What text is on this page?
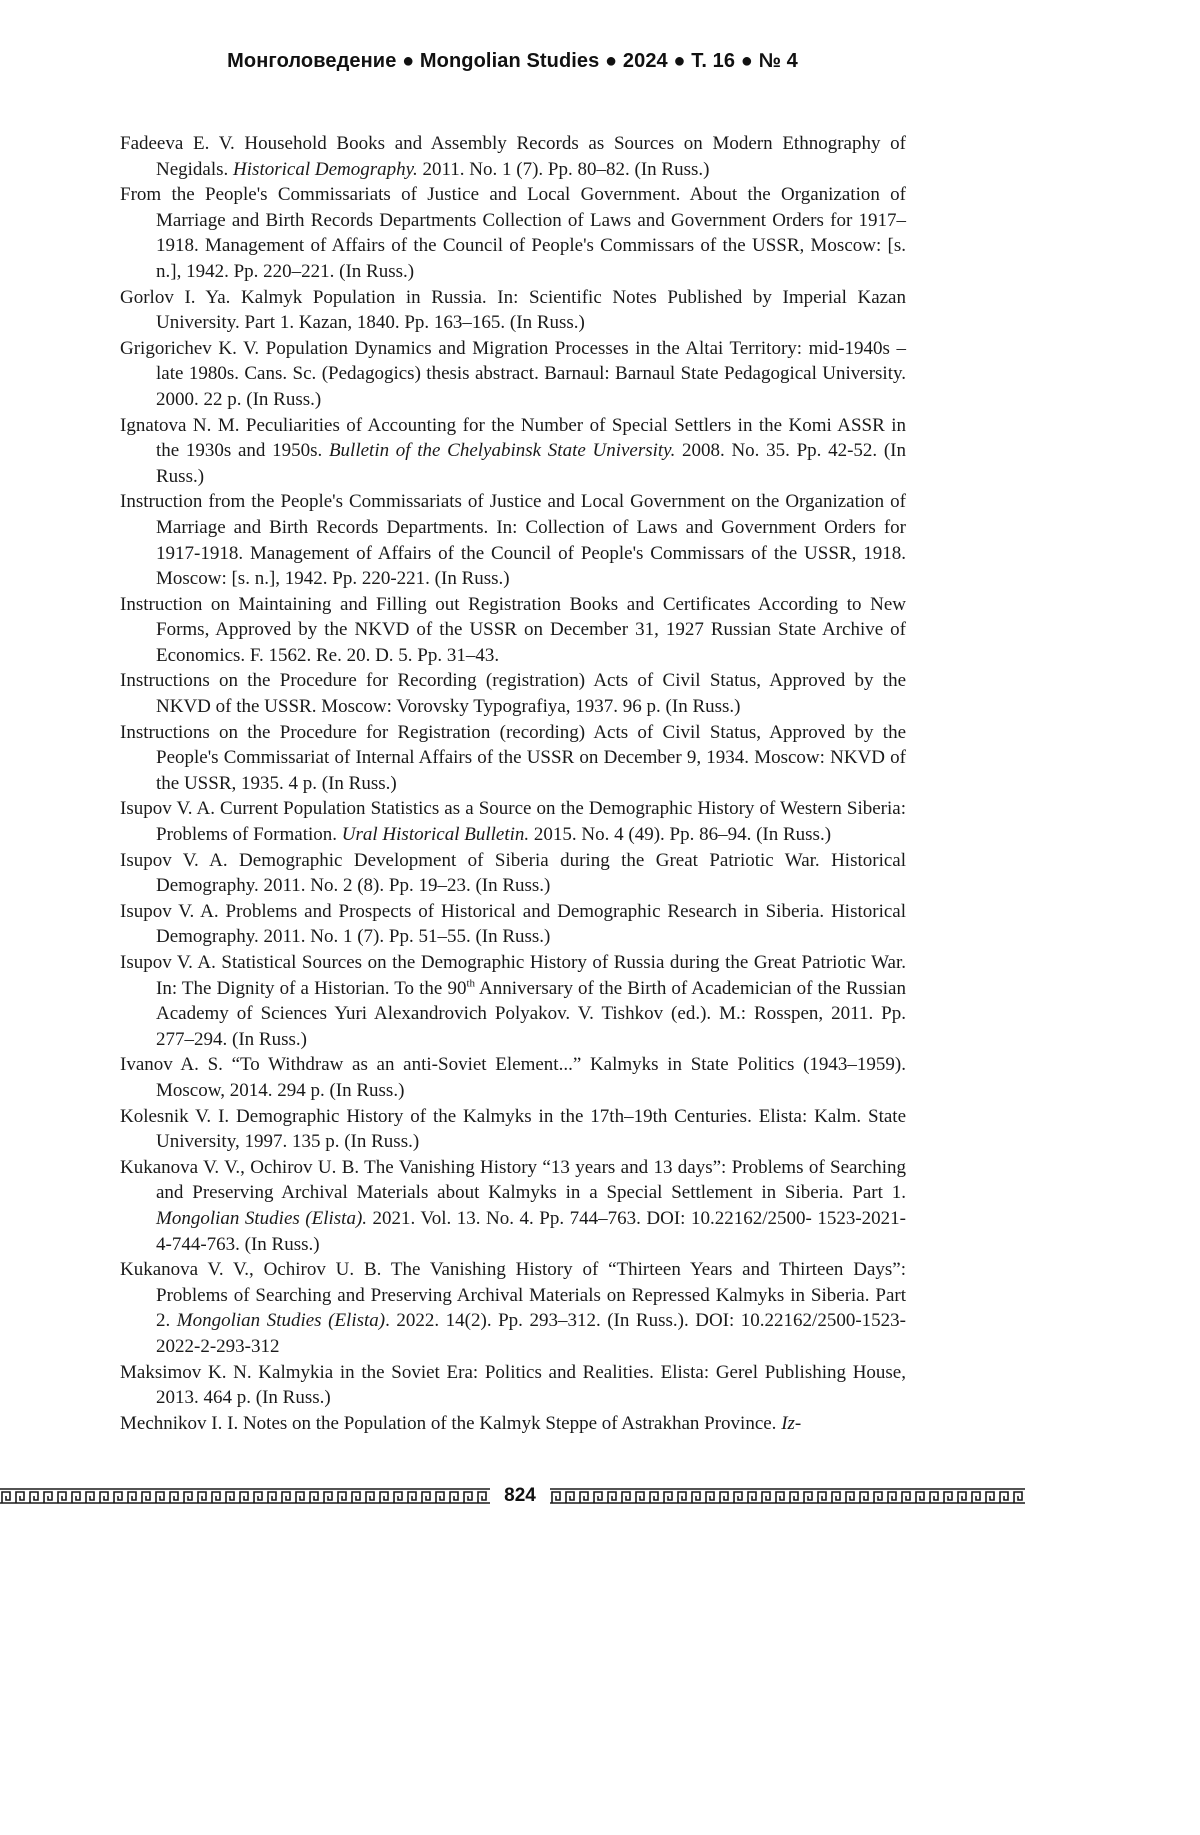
Монголоведение ● Mongolian Studies ● 2024 ● Т. 16 ● № 4

Fadeeva E. V. Household Books and Assembly Records as Sources on Modern Ethnography of Negidals. Historical Demography. 2011. No. 1 (7). Pp. 80–82. (In Russ.)

From the People's Commissariats of Justice and Local Government. About the Organization of Marriage and Birth Records Departments Collection of Laws and Government Orders for 1917–1918. Management of Affairs of the Council of People's Commissars of the USSR, Moscow: [s. n.], 1942. Pp. 220–221. (In Russ.)

Gorlov I. Ya. Kalmyk Population in Russia. In: Scientific Notes Published by Imperial Kazan University. Part 1. Kazan, 1840. Pp. 163–165. (In Russ.)

Grigorichev K. V. Population Dynamics and Migration Processes in the Altai Territory: mid-1940s – late 1980s. Cans. Sc. (Pedagogics) thesis abstract. Barnaul: Barnaul State Pedagogical University. 2000. 22 p. (In Russ.)

Ignatova N. M. Peculiarities of Accounting for the Number of Special Settlers in the Komi ASSR in the 1930s and 1950s. Bulletin of the Chelyabinsk State University. 2008. No. 35. Pp. 42-52. (In Russ.)

Instruction from the People's Commissariats of Justice and Local Government on the Organization of Marriage and Birth Records Departments. In: Collection of Laws and Government Orders for 1917-1918. Management of Affairs of the Council of People's Commissars of the USSR, 1918. Moscow: [s. n.], 1942. Pp. 220-221. (In Russ.)

Instruction on Maintaining and Filling out Registration Books and Certificates According to New Forms, Approved by the NKVD of the USSR on December 31, 1927 Russian State Archive of Economics. F. 1562. Re. 20. D. 5. Pp. 31–43.

Instructions on the Procedure for Recording (registration) Acts of Civil Status, Approved by the NKVD of the USSR. Moscow: Vorovsky Typografiya, 1937. 96 p. (In Russ.)

Instructions on the Procedure for Registration (recording) Acts of Civil Status, Approved by the People's Commissariat of Internal Affairs of the USSR on December 9, 1934. Moscow: NKVD of the USSR, 1935. 4 p. (In Russ.)

Isupov V. A. Current Population Statistics as a Source on the Demographic History of Western Siberia: Problems of Formation. Ural Historical Bulletin. 2015. No. 4 (49). Pp. 86–94. (In Russ.)

Isupov V. A. Demographic Development of Siberia during the Great Patriotic War. Historical Demography. 2011. No. 2 (8). Pp. 19–23. (In Russ.)

Isupov V. A. Problems and Prospects of Historical and Demographic Research in Siberia. Historical Demography. 2011. No. 1 (7). Pp. 51–55. (In Russ.)

Isupov V. A. Statistical Sources on the Demographic History of Russia during the Great Patriotic War. In: The Dignity of a Historian. To the 90th Anniversary of the Birth of Academician of the Russian Academy of Sciences Yuri Alexandrovich Polyakov. V. Tishkov (ed.). M.: Rosspen, 2011. Pp. 277–294. (In Russ.)

Ivanov A. S. “To Withdraw as an anti-Soviet Element...” Kalmyks in State Politics (1943–1959). Moscow, 2014. 294 p. (In Russ.)

Kolesnik V. I. Demographic History of the Kalmyks in the 17th–19th Centuries. Elista: Kalm. State University, 1997. 135 p. (In Russ.)

Kukanova V. V., Ochirov U. B. The Vanishing History “13 years and 13 days”: Problems of Searching and Preserving Archival Materials about Kalmyks in a Special Settlement in Siberia. Part 1. Mongolian Studies (Elista). 2021. Vol. 13. No. 4. Pp. 744–763. DOI: 10.22162/2500- 1523-2021-4-744-763. (In Russ.)

Kukanova V. V., Ochirov U. B. The Vanishing History of “Thirteen Years and Thirteen Days”: Problems of Searching and Preserving Archival Materials on Repressed Kalmyks in Siberia. Part 2. Mongolian Studies (Elista). 2022. 14(2). Pp. 293–312. (In Russ.). DOI: 10.22162/2500-1523-2022-2-293-312

Maksimov K. N. Kalmykia in the Soviet Era: Politics and Realities. Elista: Gerel Publishing House, 2013. 464 p. (In Russ.)

Mechnikov I. I. Notes on the Population of the Kalmyk Steppe of Astrakhan Province. Iz-

824
